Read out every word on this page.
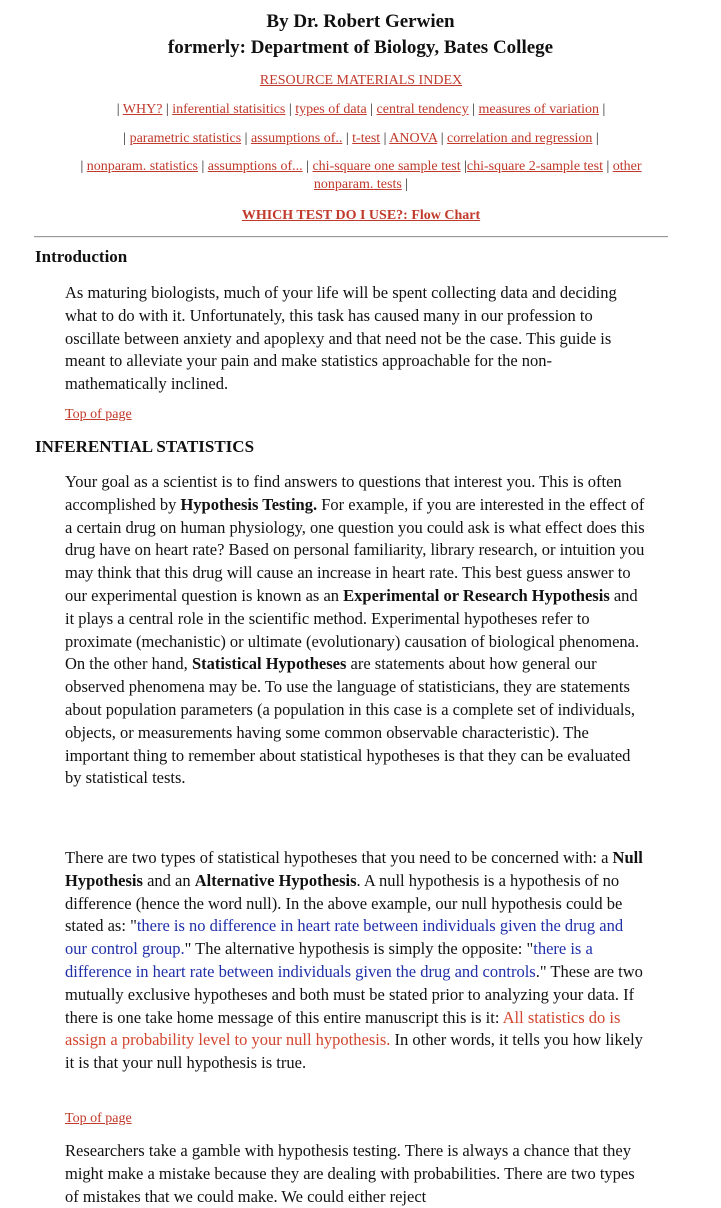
By Dr. Robert Gerwien
formerly: Department of Biology, Bates College
RESOURCE MATERIALS INDEX
| WHY? | inferential statisitics | types of data | central tendency | measures of variation |
| parametric statistics | assumptions of.. | t-test | ANOVA | correlation and regression |
| nonparam. statistics | assumptions of... | chi-square one sample test |chi-square 2-sample test | other nonparam. tests |
WHICH TEST DO I USE?: Flow Chart
Introduction
As maturing biologists, much of your life will be spent collecting data and deciding what to do with it. Unfortunately, this task has caused many in our profession to oscillate between anxiety and apoplexy and that need not be the case. This guide is meant to alleviate your pain and make statistics approachable for the non-mathematically inclined.
Top of page
INFERENTIAL STATISTICS
Your goal as a scientist is to find answers to questions that interest you. This is often accomplished by Hypothesis Testing. For example, if you are interested in the effect of a certain drug on human physiology, one question you could ask is what effect does this drug have on heart rate? Based on personal familiarity, library research, or intuition you may think that this drug will cause an increase in heart rate. This best guess answer to our experimental question is known as an Experimental or Research Hypothesis and it plays a central role in the scientific method. Experimental hypotheses refer to proximate (mechanistic) or ultimate (evolutionary) causation of biological phenomena. On the other hand, Statistical Hypotheses are statements about how general our observed phenomena may be. To use the language of statisticians, they are statements about population parameters (a population in this case is a complete set of individuals, objects, or measurements having some common observable characteristic). The important thing to remember about statistical hypotheses is that they can be evaluated by statistical tests.
There are two types of statistical hypotheses that you need to be concerned with: a Null Hypothesis and an Alternative Hypothesis. A null hypothesis is a hypothesis of no difference (hence the word null). In the above example, our null hypothesis could be stated as: "there is no difference in heart rate between individuals given the drug and our control group." The alternative hypothesis is simply the opposite: "there is a difference in heart rate between individuals given the drug and controls." These are two mutually exclusive hypotheses and both must be stated prior to analyzing your data. If there is one take home message of this entire manuscript this is it: All statistics do is assign a probability level to your null hypothesis. In other words, it tells you how likely it is that your null hypothesis is true.
Top of page
Researchers take a gamble with hypothesis testing. There is always a chance that they might make a mistake because they are dealing with probabilities. There are two types of mistakes that we could make. We could either reject
